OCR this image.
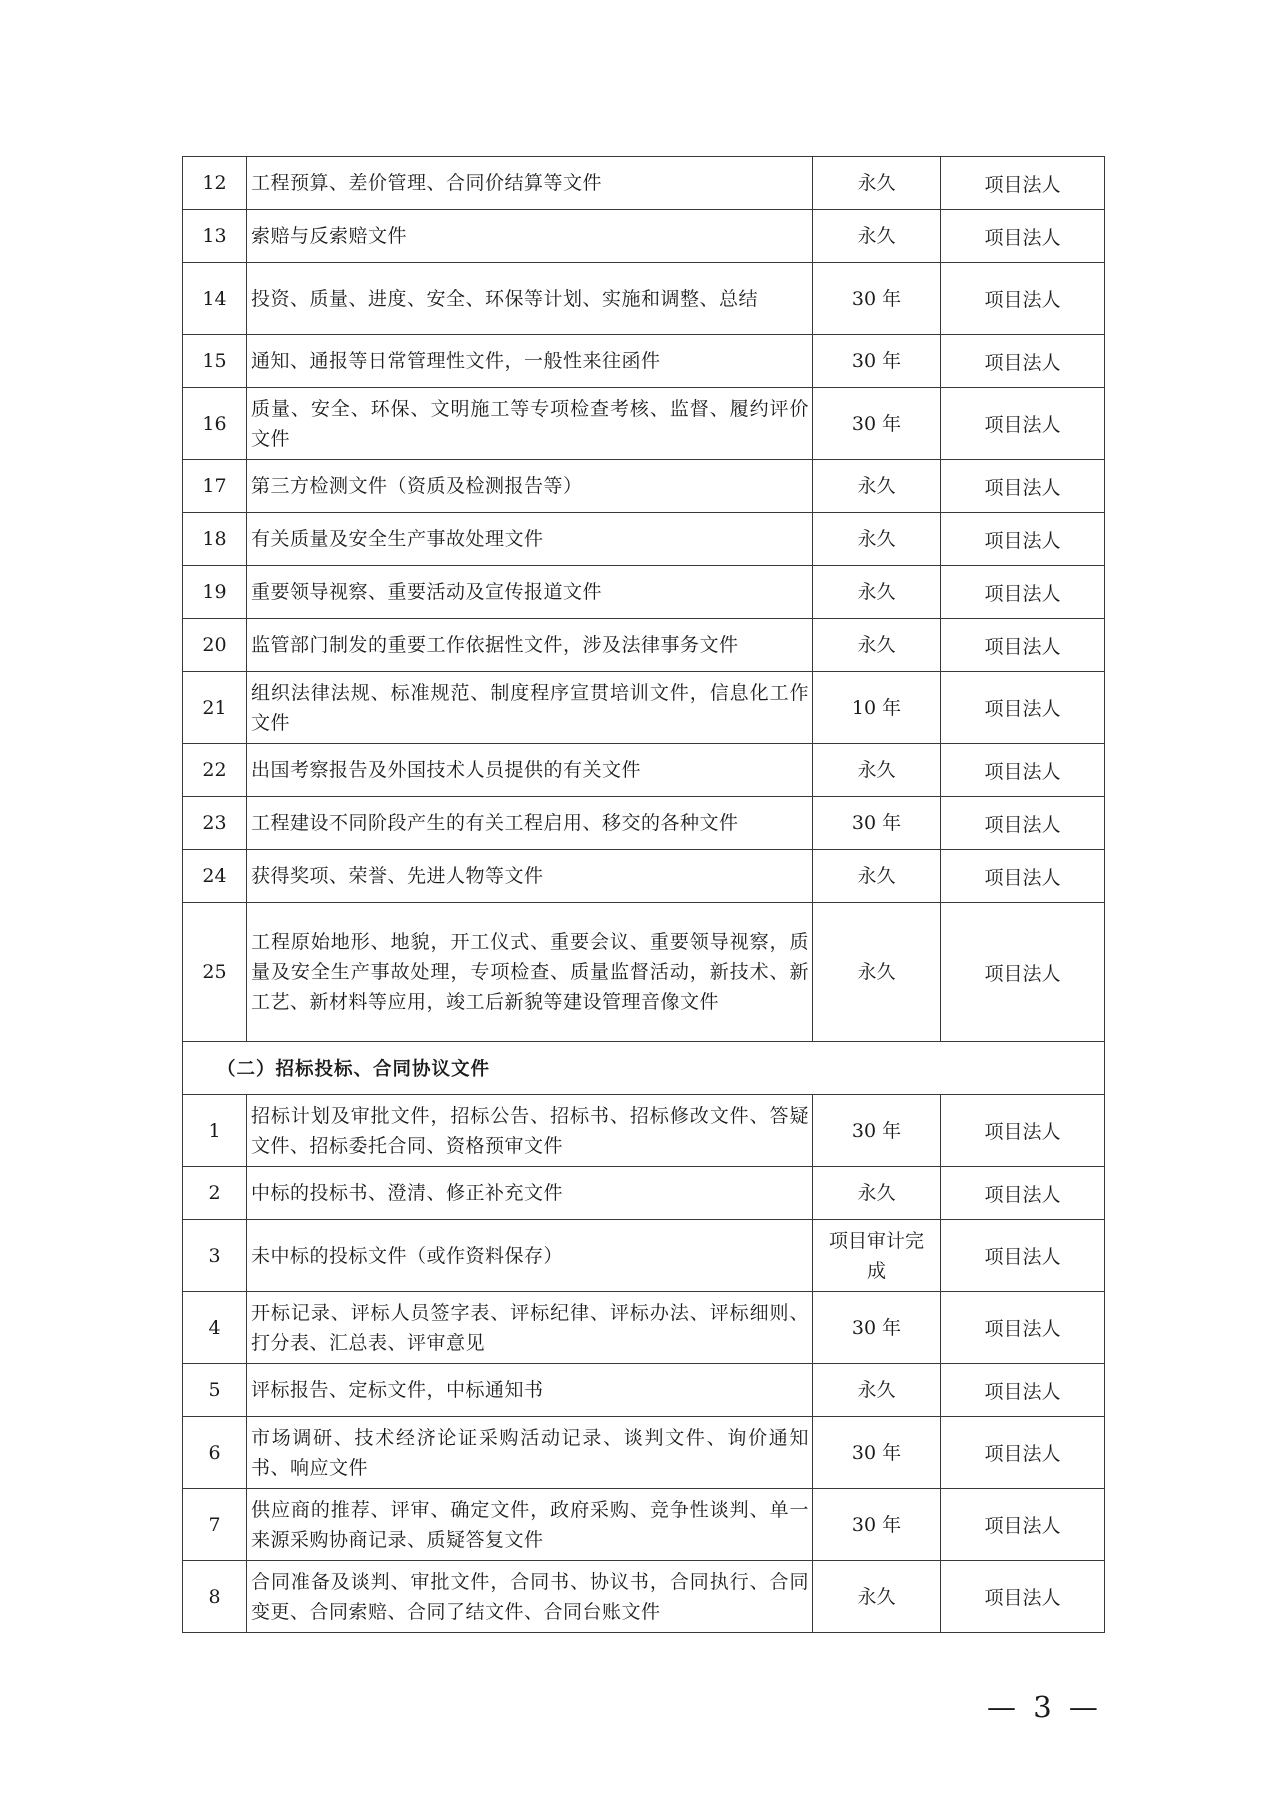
12	工程预算、差价管理、合同价结算等文件	永久	项目法人
13	索赔与反索赔文件	永久	项目法人
14	投资、质量、进度、安全、环保等计划、实施和调整、总结	30 年	项目法人
15	通知、通报等日常管理性文件，一般性来往函件	30 年	项目法人
16	质量、安全、环保、文明施工等专项检查考核、监督、履约评价文件	30 年	项目法人
17	第三方检测文件（资质及检测报告等）	永久	项目法人
18	有关质量及安全生产事故处理文件	永久	项目法人
19	重要领导视察、重要活动及宣传报道文件	永久	项目法人
20	监管部门制发的重要工作依据性文件，涉及法律事务文件	永久	项目法人
21	组织法律法规、标准规范、制度程序宣贯培训文件，信息化工作文件	10 年	项目法人
22	出国考察报告及外国技术人员提供的有关文件	永久	项目法人
23	工程建设不同阶段产生的有关工程启用、移交的各种文件	30 年	项目法人
24	获得奖项、荣誉、先进人物等文件	永久	项目法人
25	工程原始地形、地貌，开工仪式、重要会议、重要领导视察，质量及安全生产事故处理，专项检查、质量监督活动，新技术、新工艺、新材料等应用，竣工后新貌等建设管理音像文件	永久	项目法人
（二）招标投标、合同协议文件			
1	招标计划及审批文件，招标公告、招标书、招标修改文件、答疑文件、招标委托合同、资格预审文件	30 年	项目法人
2	中标的投标书、澄清、修正补充文件	永久	项目法人
3	未中标的投标文件（或作资料保存）	项目审计完成	项目法人
4	开标记录、评标人员签字表、评标纪律、评标办法、评标细则、打分表、汇总表、评审意见	30 年	项目法人
5	评标报告、定标文件，中标通知书	永久	项目法人
6	市场调研、技术经济论证采购活动记录、谈判文件、询价通知书、响应文件	30 年	项目法人
7	供应商的推荐、评审、确定文件，政府采购、竞争性谈判、单一来源采购协商记录、质疑答复文件	30 年	项目法人
8	合同准备及谈判、审批文件，合同书、协议书，合同执行、合同变更、合同索赔、合同了结文件、合同台账文件	永久	项目法人
— 3 —
